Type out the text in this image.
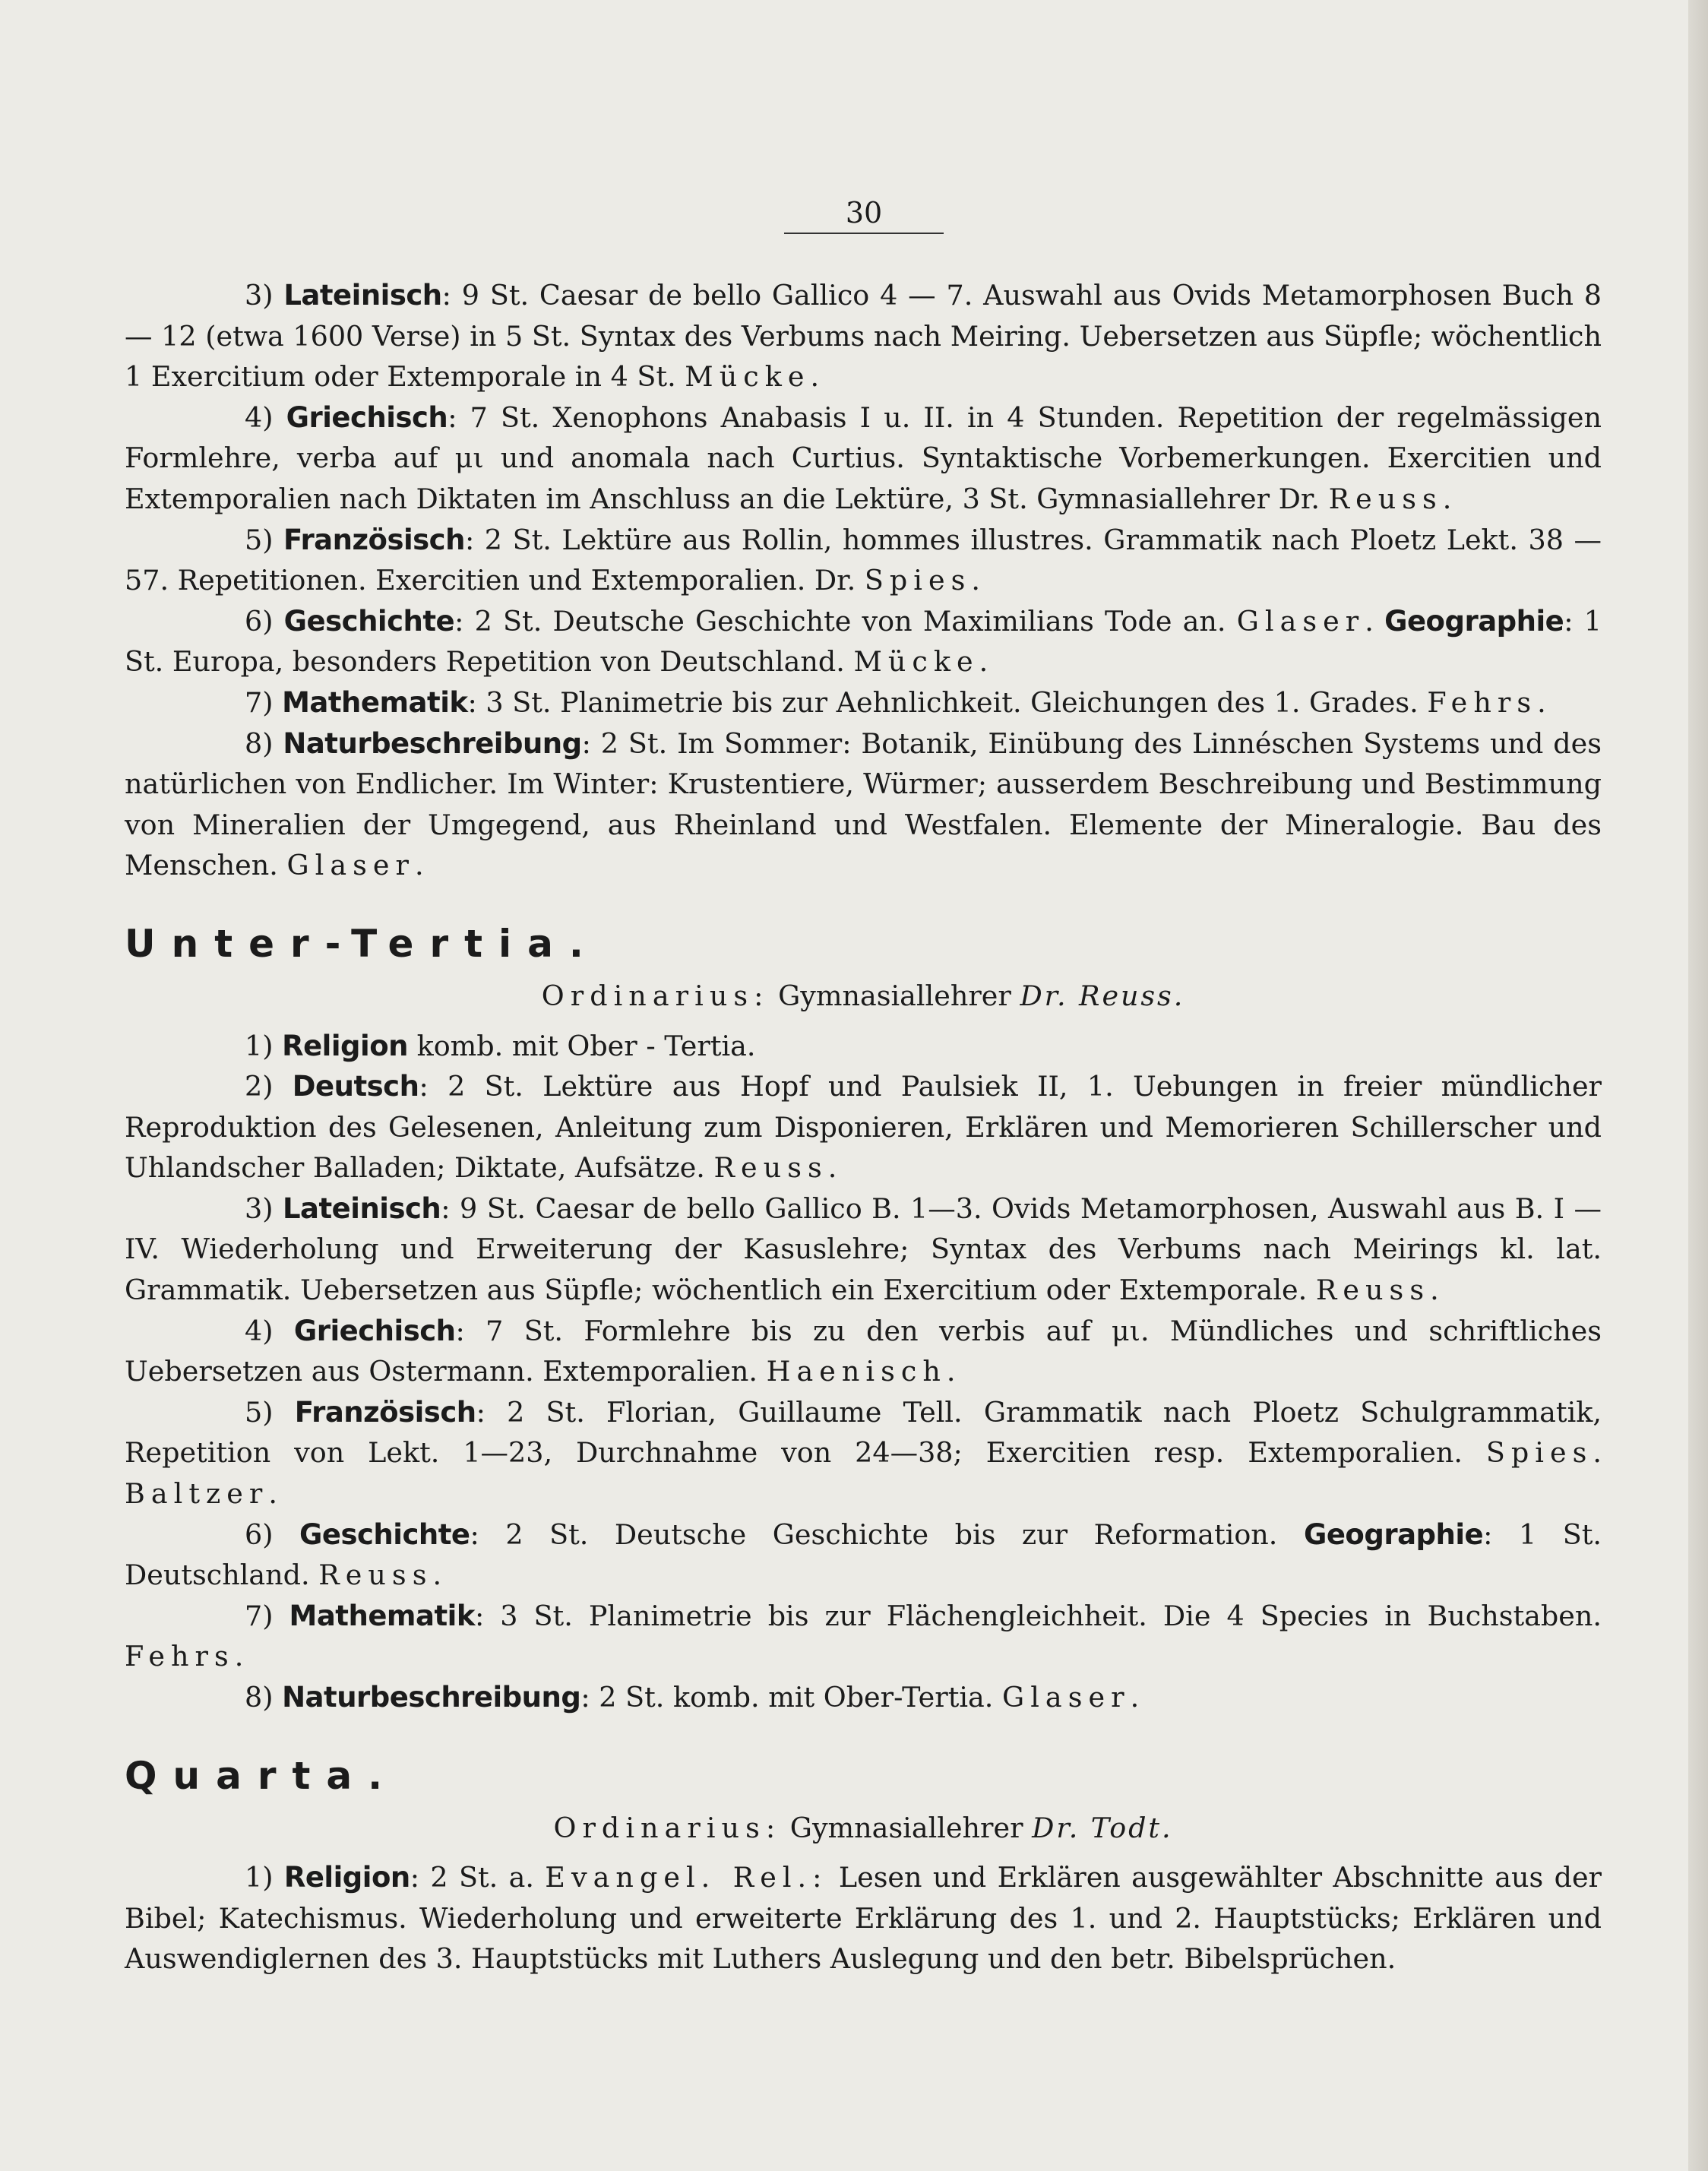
30

3) Lateinisch: 9 St. Caesar de bello Gallico 4 — 7. Auswahl aus Ovids Metamorphosen Buch 8 — 12 (etwa 1600 Verse) in 5 St. Syntax des Verbums nach Meiring. Uebersetzen aus Süpfle; wöchentlich 1 Exercitium oder Extemporale in 4 St. Mücke.

4) Griechisch: 7 St. Xenophons Anabasis I u. II. in 4 Stunden. Repetition der regelmässigen Formlehre, verba auf μι und anomala nach Curtius. Syntaktische Vorbemerkungen. Exercitien und Extemporalien nach Diktaten im Anschluss an die Lektüre, 3 St. Gymnasiallehrer Dr. Reuss.

5) Französisch: 2 St. Lektüre aus Rollin, hommes illustres. Grammatik nach Ploetz Lekt. 38 — 57. Repetitionen. Exercitien und Extemporalien. Dr. Spies.

6) Geschichte: 2 St. Deutsche Geschichte von Maximilians Tode an. Glaser. Geographie: 1 St. Europa, besonders Repetition von Deutschland. Mücke.

7) Mathematik: 3 St. Planimetrie bis zur Aehnlichkeit. Gleichungen des 1. Grades. Fehrs.

8) Naturbeschreibung: 2 St. Im Sommer: Botanik, Einübung des Linnéschen Systems und des natürlichen von Endlicher. Im Winter: Krustentiere, Würmer; ausserdem Beschreibung und Bestimmung von Mineralien der Umgegend, aus Rheinland und Westfalen. Elemente der Mineralogie. Bau des Menschen. Glaser.

Unter-Tertia.

Ordinarius: Gymnasiallehrer Dr. Reuss.

1) Religion komb. mit Ober - Tertia.

2) Deutsch: 2 St. Lektüre aus Hopf und Paulsiek II, 1. Uebungen in freier mündlicher Reproduktion des Gelesenen, Anleitung zum Disponieren, Erklären und Memorieren Schillerscher und Uhlandscher Balladen; Diktate, Aufsätze. Reuss.

3) Lateinisch: 9 St. Caesar de bello Gallico B. 1—3. Ovids Metamorphosen, Auswahl aus B. I — IV. Wiederholung und Erweiterung der Kasuslehre; Syntax des Verbums nach Meirings kl. lat. Grammatik. Uebersetzen aus Süpfle; wöchentlich ein Exercitium oder Extemporale. Reuss.

4) Griechisch: 7 St. Formlehre bis zu den verbis auf μι. Mündliches und schriftliches Uebersetzen aus Ostermann. Extemporalien. Haenisch.

5) Französisch: 2 St. Florian, Guillaume Tell. Grammatik nach Ploetz Schulgrammatik, Repetition von Lekt. 1—23, Durchnahme von 24—38; Exercitien resp. Extemporalien. Spies. Baltzer.

6) Geschichte: 2 St. Deutsche Geschichte bis zur Reformation. Geographie: 1 St. Deutschland. Reuss.

7) Mathematik: 3 St. Planimetrie bis zur Flächengleichheit. Die 4 Species in Buchstaben. Fehrs.

8) Naturbeschreibung: 2 St. komb. mit Ober-Tertia. Glaser.

Quarta.

Ordinarius: Gymnasiallehrer Dr. Todt.

1) Religion: 2 St. a. Evangel. Rel.: Lesen und Erklären ausgewählter Abschnitte aus der Bibel; Katechismus. Wiederholung und erweiterte Erklärung des 1. und 2. Hauptstücks; Erklären und Auswendiglernen des 3. Hauptstücks mit Luthers Auslegung und den betr. Bibelsprüchen.
